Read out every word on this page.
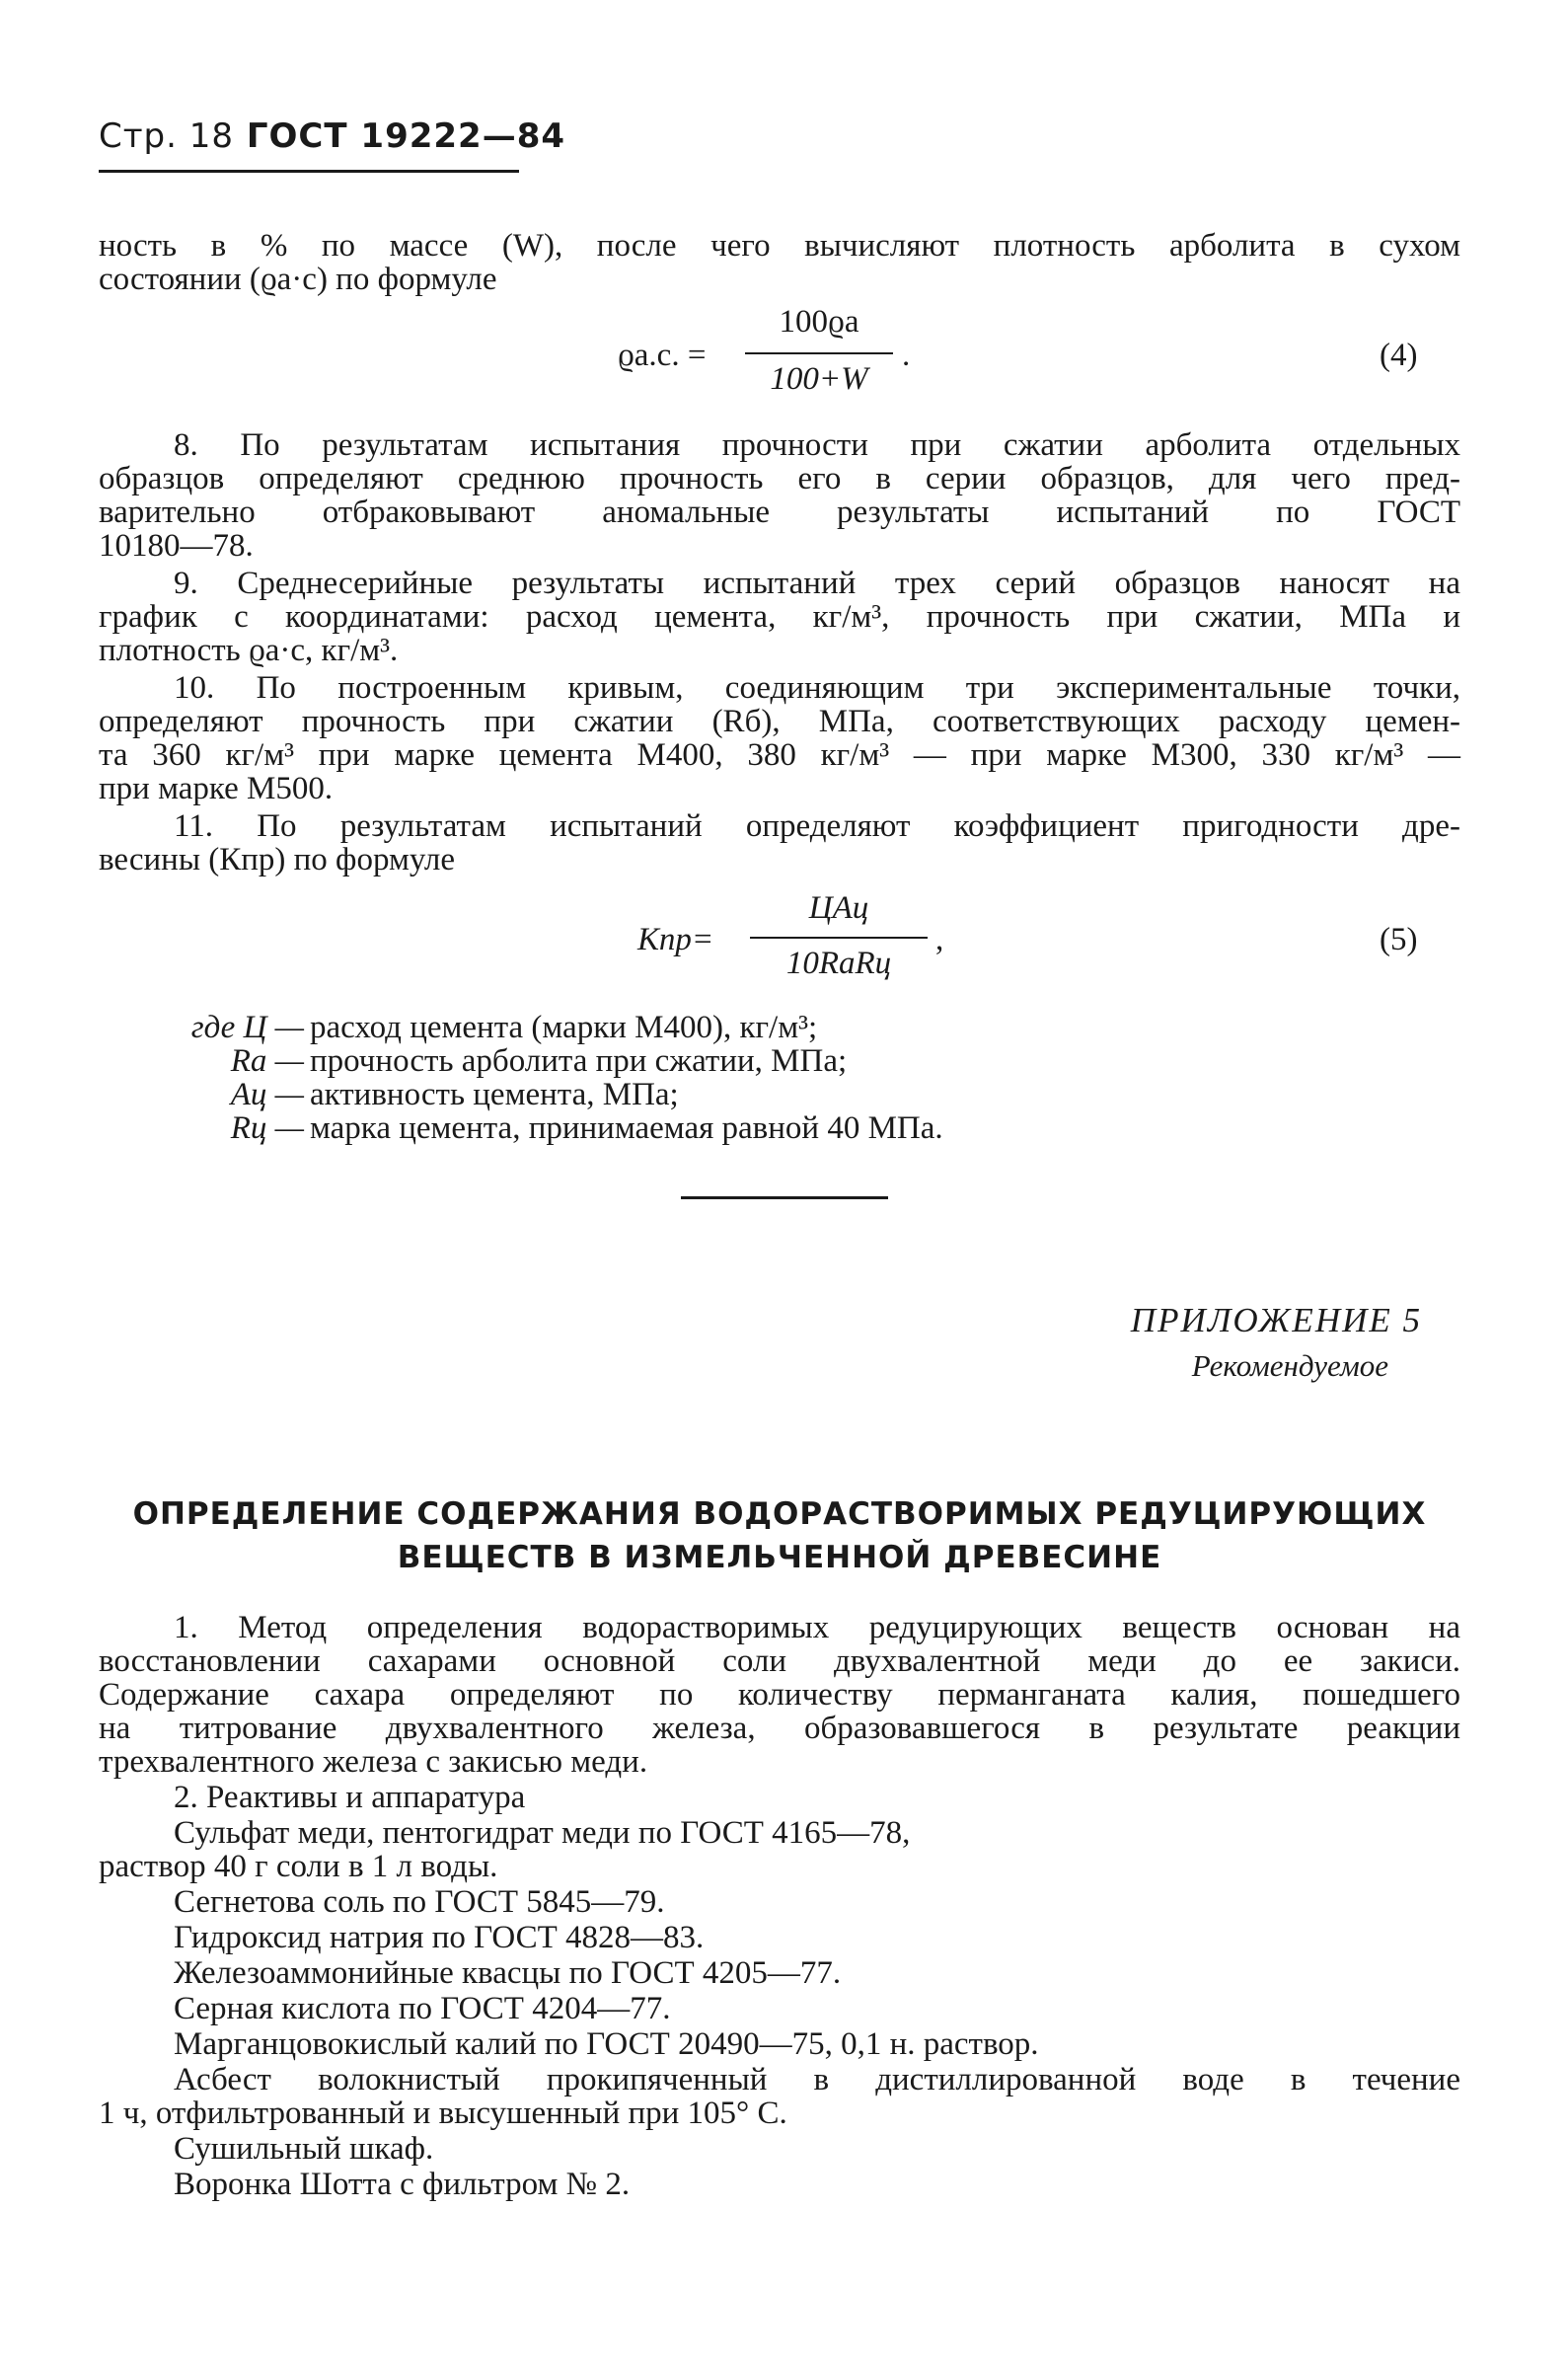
Стр. 18 ГОСТ 19222—84
ность в % по массе (W), после чего вычисляют плотность арболита в сухом
состоянии (ϱа·с) по формуле
ϱа.с. =
100ϱа
100+W
.	(4)
8. По результатам испытания прочности при сжатии арболита отдельных
образцов определяют среднюю прочность его в серии образцов, для чего пред-
варительно отбраковывают аномальные результаты испытаний по ГОСТ
10180—78.
9. Среднесерийные результаты испытаний трех серий образцов наносят на
график с координатами: расход цемента, кг/м³, прочность при сжатии, МПа и
плотность ϱа·с, кг/м³.
10. По построенным кривым, соединяющим три экспериментальные точки,
определяют прочность при сжатии (Rб), МПа, соответствующих расходу цемен-
та 360 кг/м³ при марке цемента М400, 380 кг/м³ — при марке М300, 330 кг/м³ —
при марке М500.
11. По результатам испытаний определяют коэффициент пригодности дре-
весины (Кпр) по формуле
Кпр=
ЦАц
10RаRц
,	(5)
где Ц — расход цемента (марки М400), кг/м³;
Rа — прочность арболита при сжатии, МПа;
Ац — активность цемента, МПа;
Rц — марка цемента, принимаемая равной 40 МПа.
ПРИЛОЖЕНИЕ 5
Рекомендуемое
ОПРЕДЕЛЕНИЕ СОДЕРЖАНИЯ ВОДОРАСТВОРИМЫХ РЕДУЦИРУЮЩИХ
ВЕЩЕСТВ В ИЗМЕЛЬЧЕННОЙ ДРЕВЕСИНЕ
1. Метод определения водорастворимых редуцирующих веществ основан на
восстановлении сахарами основной соли двухвалентной меди до ее закиси.
Содержание сахара определяют по количеству перманганата калия, пошедшего
на титрование двухвалентного железа, образовавшегося в результате реакции
трехвалентного железа с закисью меди.
2. Реактивы и аппаратура
Сульфат меди, пентогидрат меди по ГОСТ 4165—78,
раствор 40 г соли в 1 л воды.
Сегнетова соль по ГОСТ 5845—79.
Гидроксид натрия по ГОСТ 4828—83.
Железоаммонийные квасцы по ГОСТ 4205—77.
Серная кислота по ГОСТ 4204—77.
Марганцовокислый калий по ГОСТ 20490—75, 0,1 н. раствор.
Асбест волокнистый прокипяченный в дистиллированной воде в течение
1 ч, отфильтрованный и высушенный при 105° С.
Сушильный шкаф.
Воронка Шотта с фильтром № 2.
